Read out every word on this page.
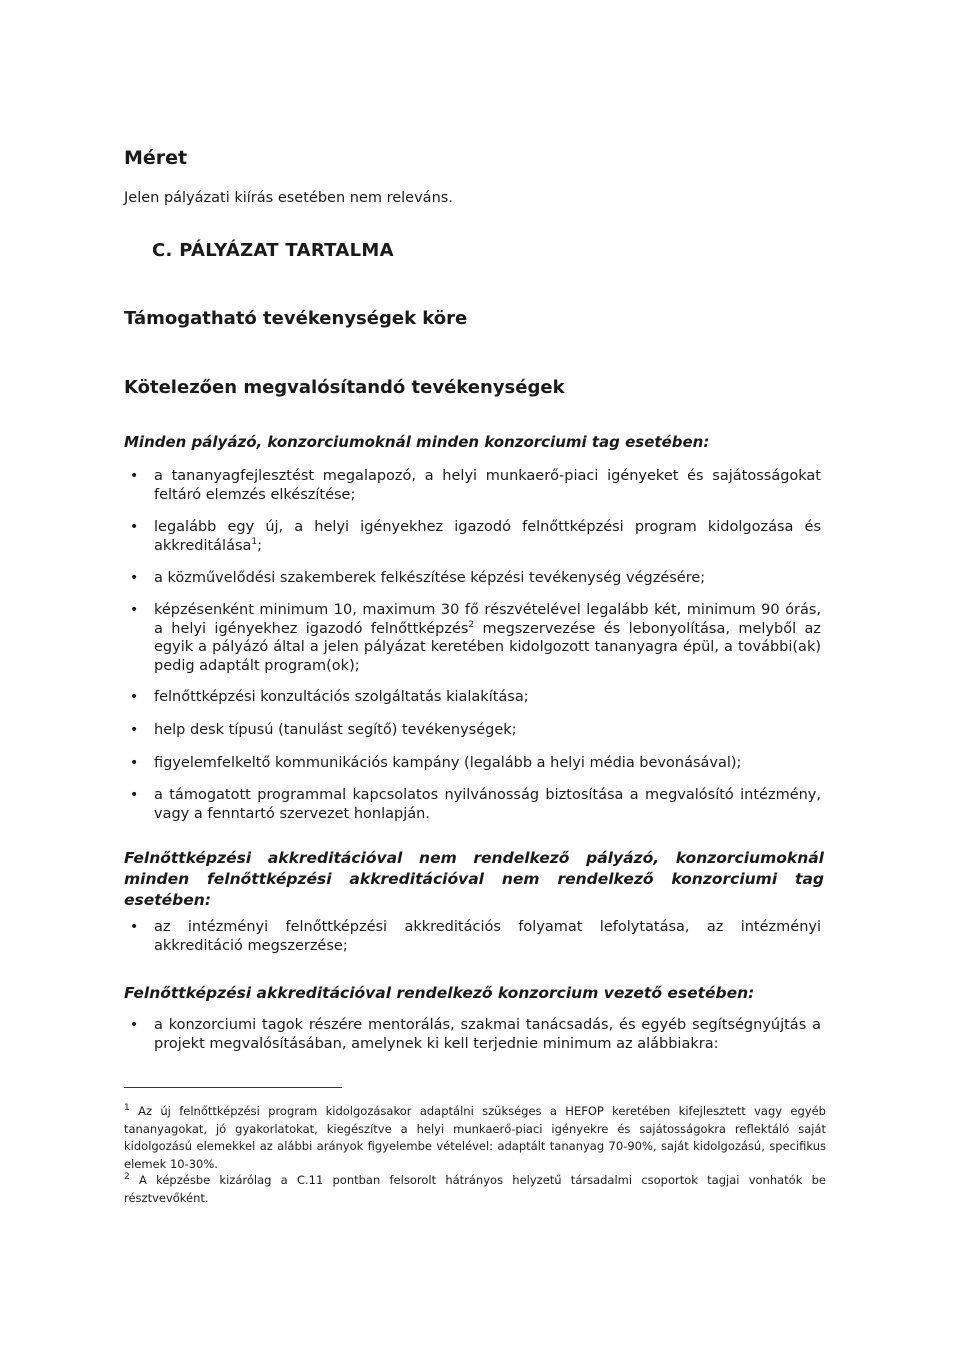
Méret
Jelen pályázati kiírás esetében nem releváns.
C. PÁLYÁZAT TARTALMA
Támogatható tevékenységek köre
Kötelezően megvalósítandó tevékenységek
Minden pályázó, konzorciumoknál minden konzorciumi tag esetében:
• a tananyagfejlesztést megalapozó, a helyi munkaerő-piaci igényeket és sajátosságokat feltáró elemzés elkészítése;
• legalább egy új, a helyi igényekhez igazodó felnőttképzési program kidolgozása és akkreditálása$^1$;
• a közművelődési szakemberek felkészítése képzési tevékenység végzésére;
• képzésenként minimum 10, maximum 30 fő részvételével legalább két, minimum 90 órás, a helyi igényekhez igazodó felnőttképzés$^2$ megszervezése és lebonyolítása, melyből az egyik a pályázó által a jelen pályázat keretében kidolgozott tananyagra épül, a további(ak) pedig adaptált program(ok);
• felnőttképzési konzultációs szolgáltatás kialakítása;
• help desk típusú (tanulást segítő) tevékenységek;
• figyelemfelkeltő kommunikációs kampány (legalább a helyi média bevonásával);
• a támogatott programmal kapcsolatos nyilvánosság biztosítása a megvalósító intézmény, vagy a fenntartó szervezet honlapján.
Felnőttképzési akkreditációval nem rendelkező pályázó, konzorciumoknál minden felnőttképzési akkreditációval nem rendelkező konzorciumi tag esetében:
• az intézményi felnőttképzési akkreditációs folyamat lefolytatása, az intézményi akkreditáció megszerzése;
Felnőttképzési akkreditációval rendelkező konzorcium vezető esetében:
• a konzorciumi tagok részére mentorálás, szakmai tanácsadás, és egyéb segítségnyújtás a projekt megvalósításában, amelynek ki kell terjednie minimum az alábbiakra:
$^1$ Az új felnőttképzési program kidolgozásakor adaptálni szükséges a HEFOP keretében kifejlesztett vagy egyéb tananyagokat, jó gyakorlatokat, kiegészítve a helyi munkaerő-piaci igényekre és sajátosságokra reflektáló saját kidolgozású elemekkel az alábbi arányok figyelembe vételével: adaptált tananyag 70-90%, saját kidolgozású, specifikus elemek 10-30%.
$^2$ A képzésbe kizárólag a C.11 pontban felsorolt hátrányos helyzetű társadalmi csoportok tagjai vonhatók be résztvevőként.
